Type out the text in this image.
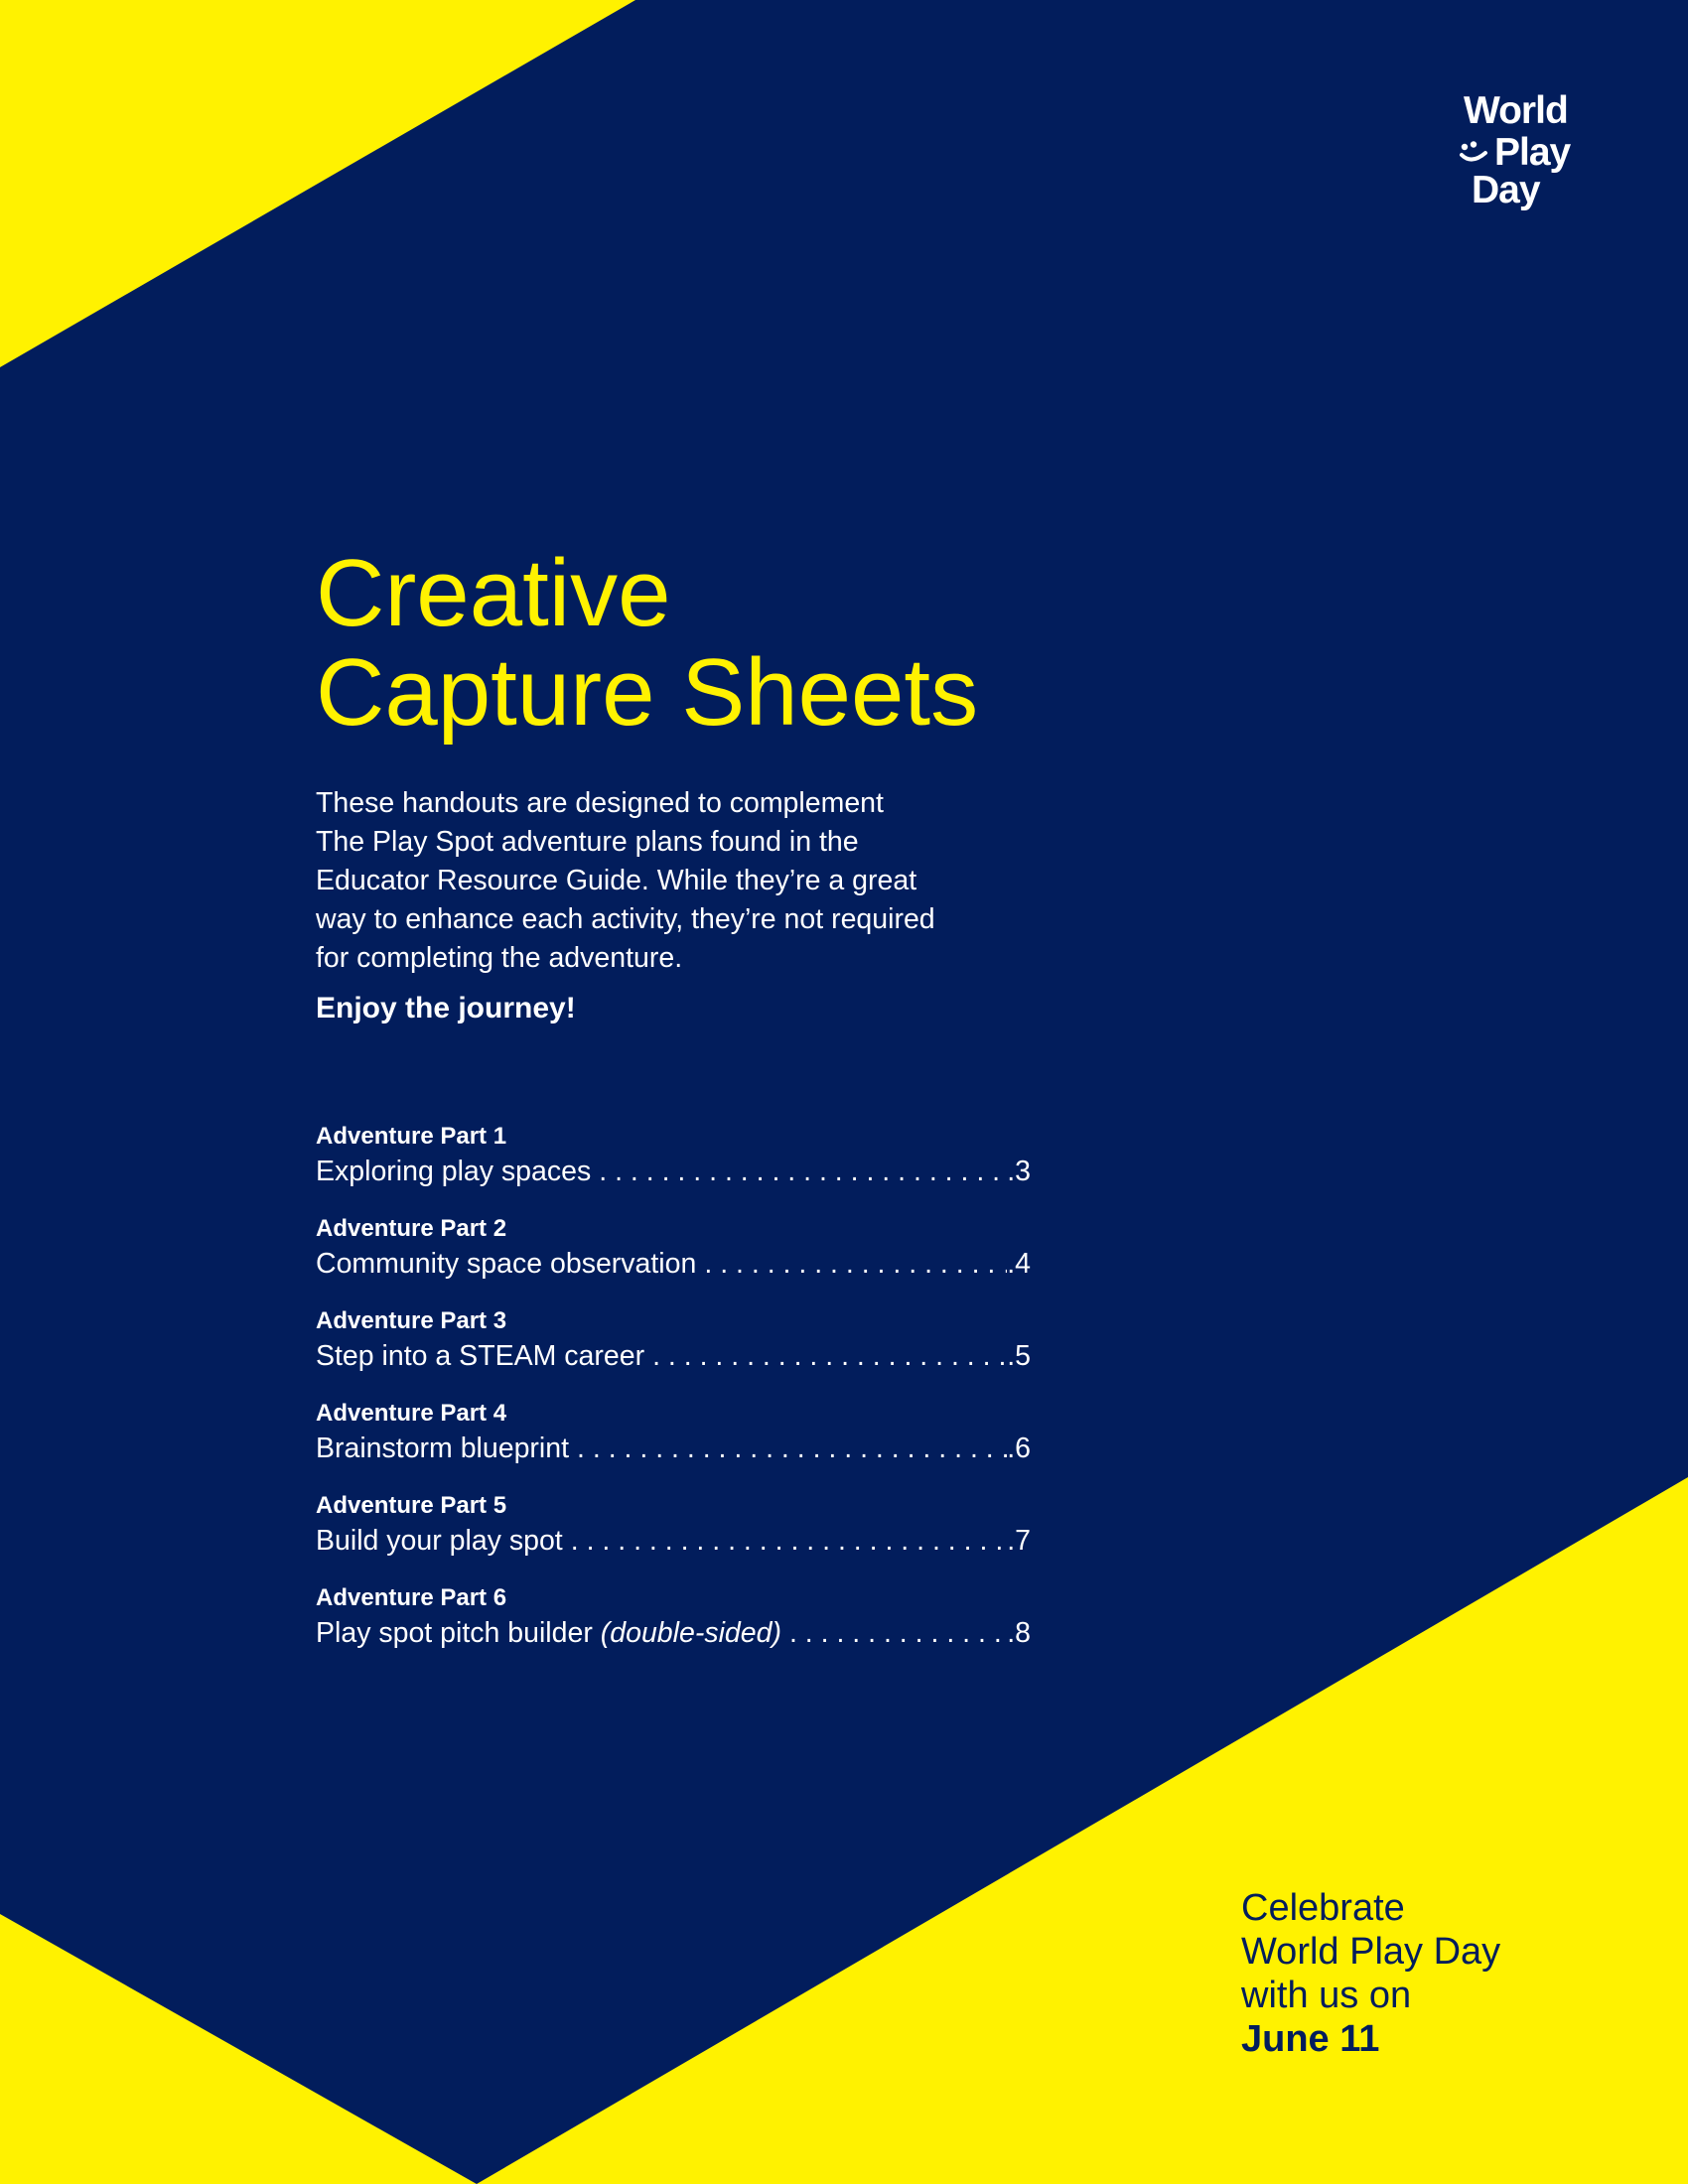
World
Play
Day
Creative
Capture Sheets

These handouts are designed to complement
The Play Spot adventure plans found in the
Educator Resource Guide. While they’re a great
way to enhance each activity, they’re not required
for completing the adventure.

Enjoy the journey!

Adventure Part 1
Exploring play spaces . . .	.3
Adventure Part 2
Community space observation . . .	.4
Adventure Part 3
Step into a STEAM career . . .	.5
Adventure Part 4
Brainstorm blueprint . . .	.6
Adventure Part 5
Build your play spot . . .	.7
Adventure Part 6
Play spot pitch builder (double-sided) . . .	.8
Celebrate
World Play Day
with us on
June 11
